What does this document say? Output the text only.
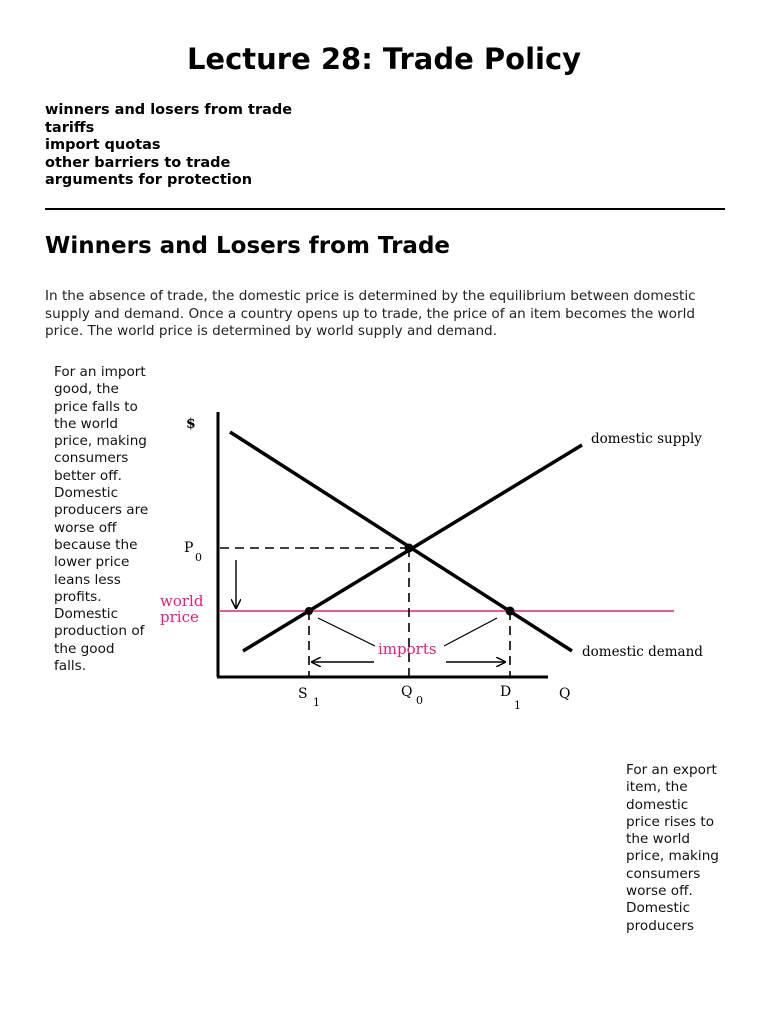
Lecture 28: Trade Policy
winners and losers from trade
tariffs
import quotas
other barriers to trade
arguments for protection
Winners and Losers from Trade

In the absence of trade, the domestic price is determined by the equilibrium between domestic supply and demand. Once a country opens up to trade, the price of an item becomes the world price. The world price is determined by world supply and demand.

For an import good, the price falls to the world price, making consumers better off. Domestic producers are worse off because the lower price leans less profits. Domestic production of the good falls.

$
Q
domestic supply
domestic demand
world
price
imports
P
0
S
1
Q
0
D
1

For an export item, the domestic price rises to the world price, making consumers worse off. Domestic producers
